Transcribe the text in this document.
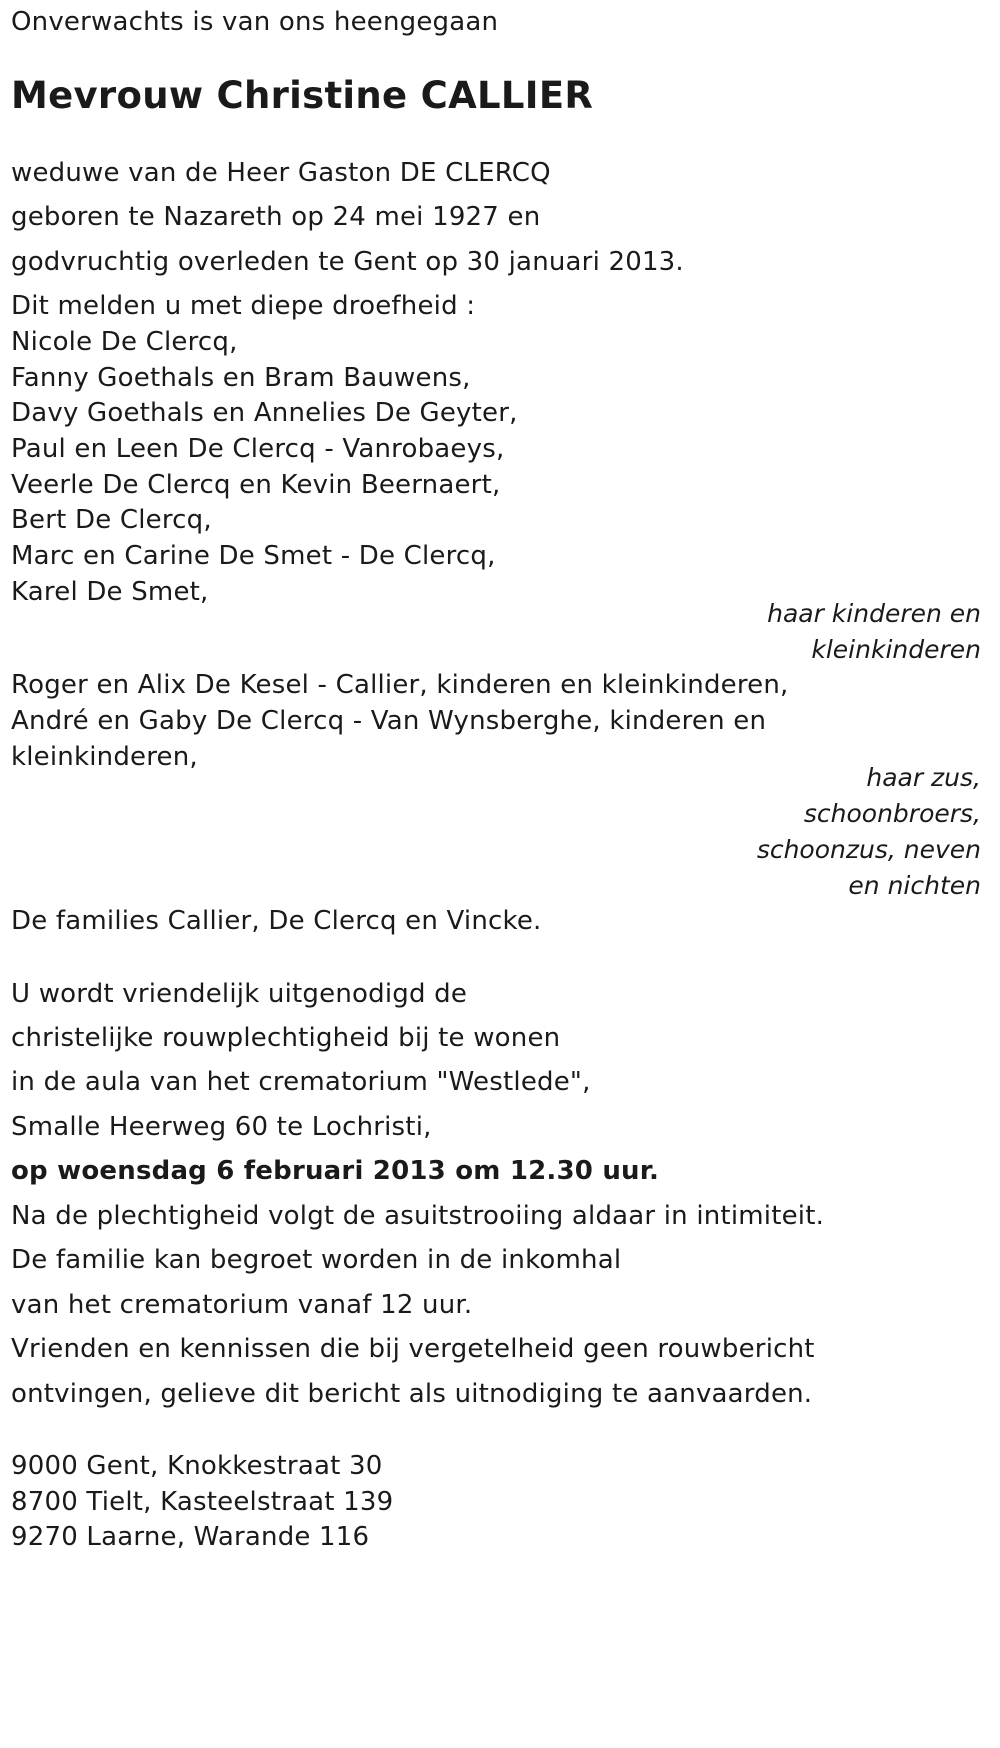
Onverwachts is van ons heengegaan
Mevrouw Christine CALLIER
weduwe van de Heer Gaston DE CLERCQ
geboren te Nazareth op 24 mei 1927 en
godvruchtig overleden te Gent op 30 januari 2013.
Dit melden u met diepe droefheid :
Nicole De Clercq,
Fanny Goethals en Bram Bauwens,
Davy Goethals en Annelies De Geyter,
Paul en Leen De Clercq - Vanrobaeys,
Veerle De Clercq en Kevin Beernaert,
Bert De Clercq,
Marc en Carine De Smet - De Clercq,
Karel De Smet,
haar kinderen en
kleinkinderen
Roger en Alix De Kesel - Callier, kinderen en kleinkinderen,
André en Gaby De Clercq - Van Wynsberghe, kinderen en
kleinkinderen,
haar zus,
schoonbroers,
schoonzus, neven
en nichten
De families Callier, De Clercq en Vincke.
U wordt vriendelijk uitgenodigd de
christelijke rouwplechtigheid bij te wonen
in de aula van het crematorium "Westlede",
Smalle Heerweg 60 te Lochristi,
op woensdag 6 februari 2013 om 12.30 uur.
Na de plechtigheid volgt de asuitstrooiing aldaar in intimiteit.
De familie kan begroet worden in de inkomhal
van het crematorium vanaf 12 uur.
Vrienden en kennissen die bij vergetelheid geen rouwbericht
ontvingen, gelieve dit bericht als uitnodiging te aanvaarden.
9000 Gent, Knokkestraat 30
8700 Tielt, Kasteelstraat 139
9270 Laarne, Warande 116
